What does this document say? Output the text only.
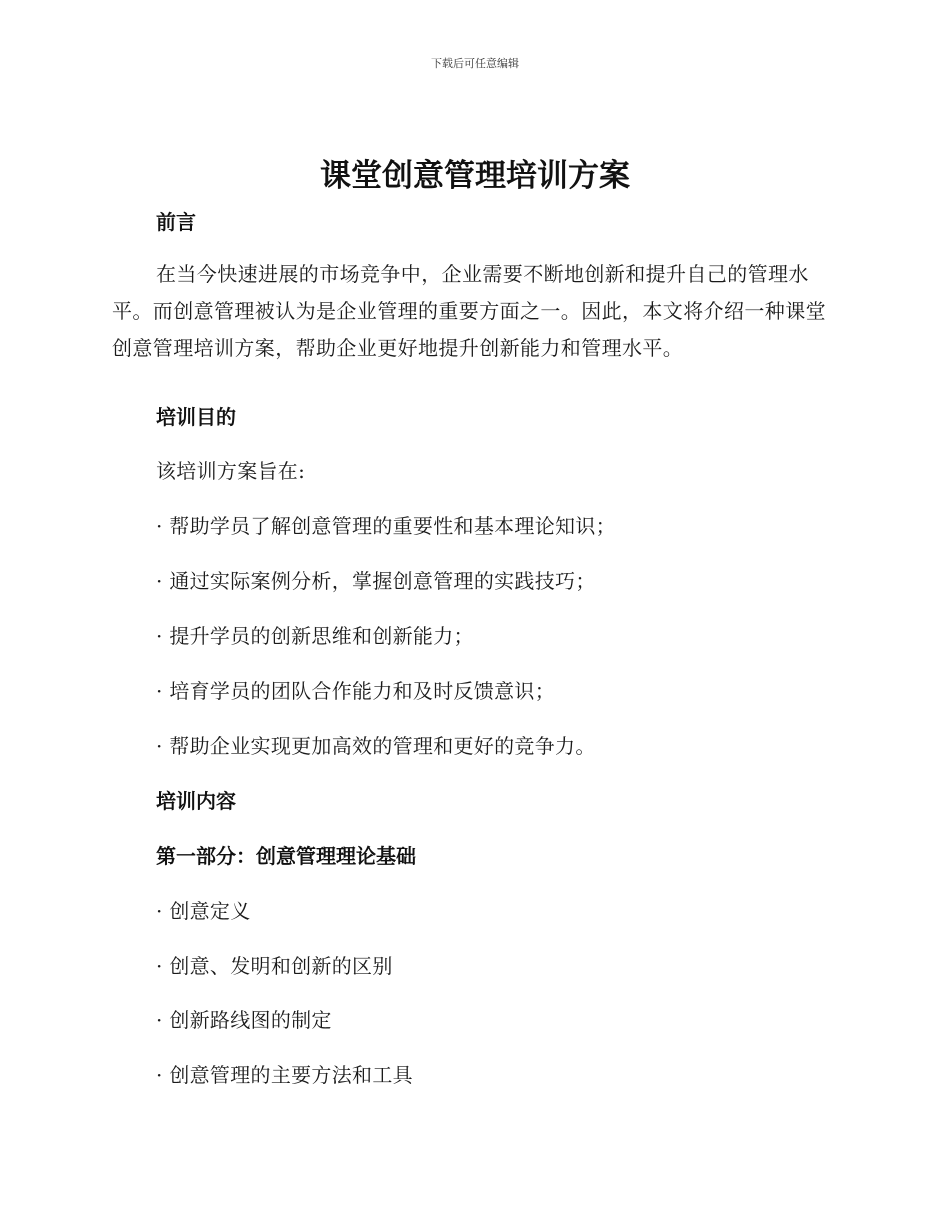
下载后可任意编辑
课堂创意管理培训方案
前言

在当今快速进展的市场竞争中，企业需要不断地创新和提升自己的管理水平。而创意管理被认为是企业管理的重要方面之一。因此，本文将介绍一种课堂创意管理培训方案，帮助企业更好地提升创新能力和管理水平。

培训目的

该培训方案旨在:

· 帮助学员了解创意管理的重要性和基本理论知识；

· 通过实际案例分析，掌握创意管理的实践技巧；

· 提升学员的创新思维和创新能力；

· 培育学员的团队合作能力和及时反馈意识；

· 帮助企业实现更加高效的管理和更好的竞争力。

培训内容
第一部分：创意管理理论基础

· 创意定义

· 创意、发明和创新的区别

· 创新路线图的制定

· 创意管理的主要方法和工具
